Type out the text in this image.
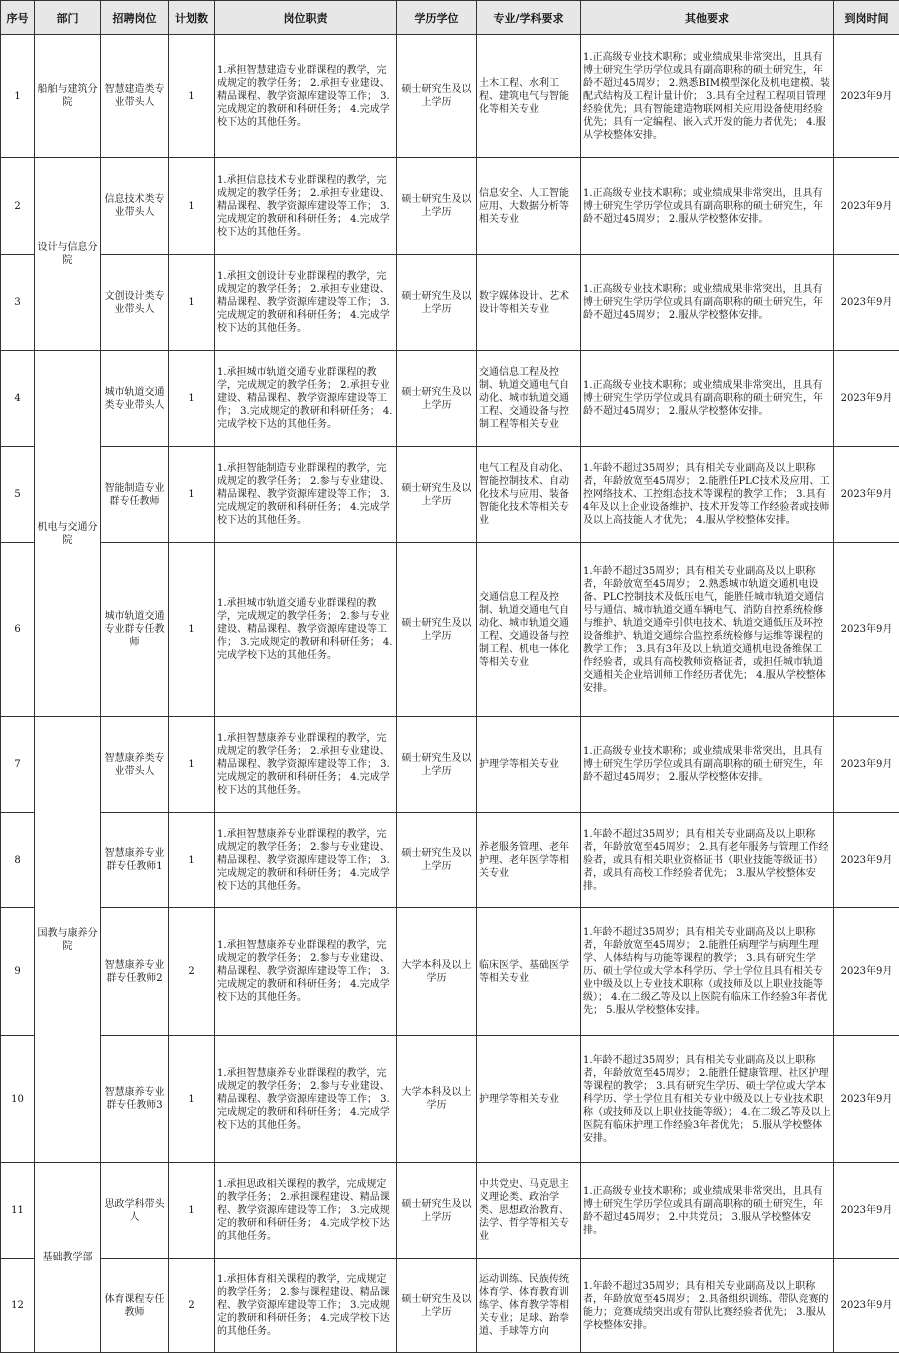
序号	部门	招聘岗位	计划数	岗位职责	学历学位	专业/学科要求	其他要求	到岗时间
1	船舶与建筑分院	智慧建造类专业带头人	1	1.承担智慧建造专业群课程的教学，完成规定的教学任务； 2.承担专业建设、精品课程、教学资源库建设等工作； 3.完成规定的教研和科研任务； 4.完成学校下达的其他任务。	硕士研究生及以上学历	土木工程、水利工程、建筑电气与智能化等相关专业	1.正高级专业技术职称；或业绩成果非常突出，且具有博士研究生学历学位或具有副高职称的硕士研究生，年龄不超过45周岁； 2.熟悉BIM模型深化及机电建模、装配式结构及工程计量计价； 3.具有全过程工程项目管理经验优先；具有智能建造物联网相关应用设备使用经验优先；具有一定编程、嵌入式开发的能力者优先； 4.服从学校整体安排。	2023年9月
2	设计与信息分院	信息技术类专业带头人	1	1.承担信息技术专业群课程的教学，完成规定的教学任务； 2.承担专业建设、精品课程、教学资源库建设等工作； 3.完成规定的教研和科研任务； 4.完成学校下达的其他任务。	硕士研究生及以上学历	信息安全、人工智能应用、大数据分析等相关专业	1.正高级专业技术职称；或业绩成果非常突出，且具有博士研究生学历学位或具有副高职称的硕士研究生，年龄不超过45周岁； 2.服从学校整体安排。	2023年9月
3		文创设计类专业带头人	1	1.承担文创设计专业群课程的教学，完成规定的教学任务； 2.承担专业建设、精品课程、教学资源库建设等工作； 3.完成规定的教研和科研任务； 4.完成学校下达的其他任务。	硕士研究生及以上学历	数字媒体设计、艺术设计等相关专业	1.正高级专业技术职称；或业绩成果非常突出，且具有博士研究生学历学位或具有副高职称的硕士研究生，年龄不超过45周岁； 2.服从学校整体安排。	2023年9月
4	机电与交通分院	城市轨道交通类专业带头人	1	1.承担城市轨道交通专业群课程的教学，完成规定的教学任务； 2.承担专业建设、精品课程、教学资源库建设等工作； 3.完成规定的教研和科研任务； 4.完成学校下达的其他任务。	硕士研究生及以上学历	交通信息工程及控制、轨道交通电气自动化、城市轨道交通工程、交通设备与控制工程等相关专业	1.正高级专业技术职称；或业绩成果非常突出，且具有博士研究生学历学位或具有副高职称的硕士研究生，年龄不超过45周岁； 2.服从学校整体安排。	2023年9月
5		智能制造专业群专任教师	1	1.承担智能制造专业群课程的教学，完成规定的教学任务； 2.参与专业建设、精品课程、教学资源库建设等工作； 3.完成规定的教研和科研任务； 4.完成学校下达的其他任务。	硕士研究生及以上学历	电气工程及自动化、智能控制技术、自动化技术与应用、装备智能化技术等相关专业	1.年龄不超过35周岁；具有相关专业副高及以上职称者，年龄放宽至45周岁； 2.能胜任PLC技术及应用、工控网络技术、工控组态技术等课程的教学工作； 3.具有4年及以上企业设备维护、技术开发等工作经验者或技师及以上高技能人才优先； 4.服从学校整体安排。	2023年9月
6		城市轨道交通专业群专任教师	1	1.承担城市轨道交通专业群课程的教学，完成规定的教学任务； 2.参与专业建设、精品课程、教学资源库建设等工作； 3.完成规定的教研和科研任务； 4.完成学校下达的其他任务。	硕士研究生及以上学历	交通信息工程及控制、轨道交通电气自动化、城市轨道交通工程、交通设备与控制工程、机电一体化等相关专业	1.年龄不超过35周岁；具有相关专业副高及以上职称者，年龄放宽至45周岁； 2.熟悉城市轨道交通机电设备、PLC控制技术及低压电气，能胜任城市轨道交通信号与通信、城市轨道交通车辆电气、消防自控系统检修与维护、轨道交通牵引供电技术、轨道交通低压及环控设备维护、轨道交通综合监控系统检修与运维等课程的教学工作； 3.具有3年及以上轨道交通机电设备维保工作经验者，或具有高校教师资格证者，或担任城市轨道交通相关企业培训师工作经历者优先； 4.服从学校整体安排。	2023年9月
7	国教与康养分院	智慧康养类专业带头人	1	1.承担智慧康养专业群课程的教学，完成规定的教学任务； 2.承担专业建设、精品课程、教学资源库建设等工作； 3.完成规定的教研和科研任务； 4.完成学校下达的其他任务。	硕士研究生及以上学历	护理学等相关专业	1.正高级专业技术职称；或业绩成果非常突出，且具有博士研究生学历学位或具有副高职称的硕士研究生，年龄不超过45周岁； 2.服从学校整体安排。	2023年9月
8		智慧康养专业群专任教师1	1	1.承担智慧康养专业群课程的教学，完成规定的教学任务； 2.参与专业建设、精品课程、教学资源库建设等工作； 3.完成规定的教研和科研任务； 4.完成学校下达的其他任务。	硕士研究生及以上学历	养老服务管理、老年护理、老年医学等相关专业	1.年龄不超过35周岁；具有相关专业副高及以上职称者，年龄放宽至45周岁； 2.具有老年服务与管理工作经验者，或具有相关职业资格证书（职业技能等级证书）者，或具有高校工作经验者优先； 3.服从学校整体安排。	2023年9月
9		智慧康养专业群专任教师2	2	1.承担智慧康养专业群课程的教学，完成规定的教学任务； 2.参与专业建设、精品课程、教学资源库建设等工作； 3.完成规定的教研和科研任务； 4.完成学校下达的其他任务。	大学本科及以上学历	临床医学、基础医学等相关专业	1.年龄不超过35周岁；具有相关专业副高及以上职称者，年龄放宽至45周岁； 2.能胜任病理学与病理生理学、人体结构与功能等课程的教学； 3.具有研究生学历、硕士学位或大学本科学历、学士学位且具有相关专业中级及以上专业技术职称（或技师及以上职业技能等级）； 4.在二级乙等及以上医院有临床工作经验3年者优先； 5.服从学校整体安排。	2023年9月
10		智慧康养专业群专任教师3	1	1.承担智慧康养专业群课程的教学，完成规定的教学任务； 2.参与专业建设、精品课程、教学资源库建设等工作； 3.完成规定的教研和科研任务； 4.完成学校下达的其他任务。	大学本科及以上学历	护理学等相关专业	1.年龄不超过35周岁；具有相关专业副高及以上职称者，年龄放宽至45周岁； 2.能胜任健康管理、社区护理等课程的教学； 3.具有研究生学历、硕士学位或大学本科学历、学士学位且有相关专业中级及以上专业技术职称（或技师及以上职业技能等级）； 4.在二级乙等及以上医院有临床护理工作经验3年者优先； 5.服从学校整体安排。	2023年9月
11	基础教学部	思政学科带头人	1	1.承担思政相关课程的教学，完成规定的教学任务； 2.承担课程建设、精品课程、教学资源库建设等工作； 3.完成规定的教研和科研任务； 4.完成学校下达的其他任务。	硕士研究生及以上学历	中共党史、马克思主义理论类、政治学类、思想政治教育、法学、哲学等相关专业	1.正高级专业技术职称；或业绩成果非常突出，且具有博士研究生学历学位或具有副高职称的硕士研究生，年龄不超过45周岁； 2.中共党员； 3.服从学校整体安排。	2023年9月
12		体育课程专任教师	2	1.承担体育相关课程的教学，完成规定的教学任务； 2.参与课程建设、精品课程、教学资源库建设等工作； 3.完成规定的教研和科研任务； 4.完成学校下达的其他任务。	硕士研究生及以上学历	运动训练、民族传统体育学、体育教育训练学、体育教学等相关专业；足球、跆拳道、手球等方向	1.年龄不超过35周岁；具有相关专业副高及以上职称者，年龄放宽至45周岁； 2.具备组织训练、带队竞赛的能力；竞赛成绩突出或有带队比赛经验者优先； 3.服从学校整体安排。	2023年9月
